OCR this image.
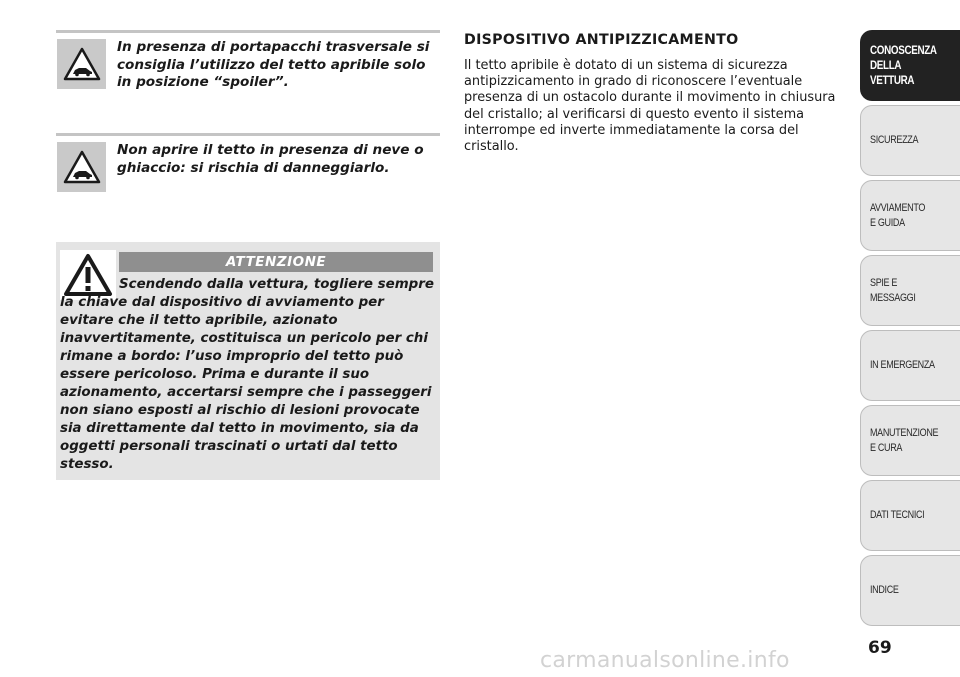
In presenza di portapacchi trasversale si consiglia l’utilizzo del tetto apribile solo in posizione “spoiler”.
Non aprire il tetto in presenza di neve o ghiaccio: si rischia di danneggiarlo.
ATTENZIONE
Scendendo dalla vettura, togliere sempre la chiave dal dispositivo di avviamento per evitare che il tetto apribile, azionato inavvertitamente, costituisca un pericolo per chi rimane a bordo: l’uso improprio del tetto può essere pericoloso. Prima e durante il suo azionamento, accertarsi sempre che i passeggeri non siano esposti al rischio di lesioni provocate sia direttamente dal tetto in movimento, sia da oggetti personali trascinati o urtati dal tetto stesso.
DISPOSITIVO ANTIPIZZICAMENTO
Il tetto apribile è dotato di un sistema di sicurezza antipizzicamento in grado di riconoscere l’eventuale presenza di un ostacolo durante il movimento in chiusura del cristallo; al verificarsi di questo evento il sistema interrompe ed inverte immediatamente la corsa del cristallo.
CONOSCENZA
DELLA
VETTURA
SICUREZZA
AVVIAMENTO
E GUIDA
SPIE E
MESSAGGI
IN EMERGENZA
MANUTENZIONE
E CURA
DATI TECNICI
INDICE
69
carmanualsonline.info
